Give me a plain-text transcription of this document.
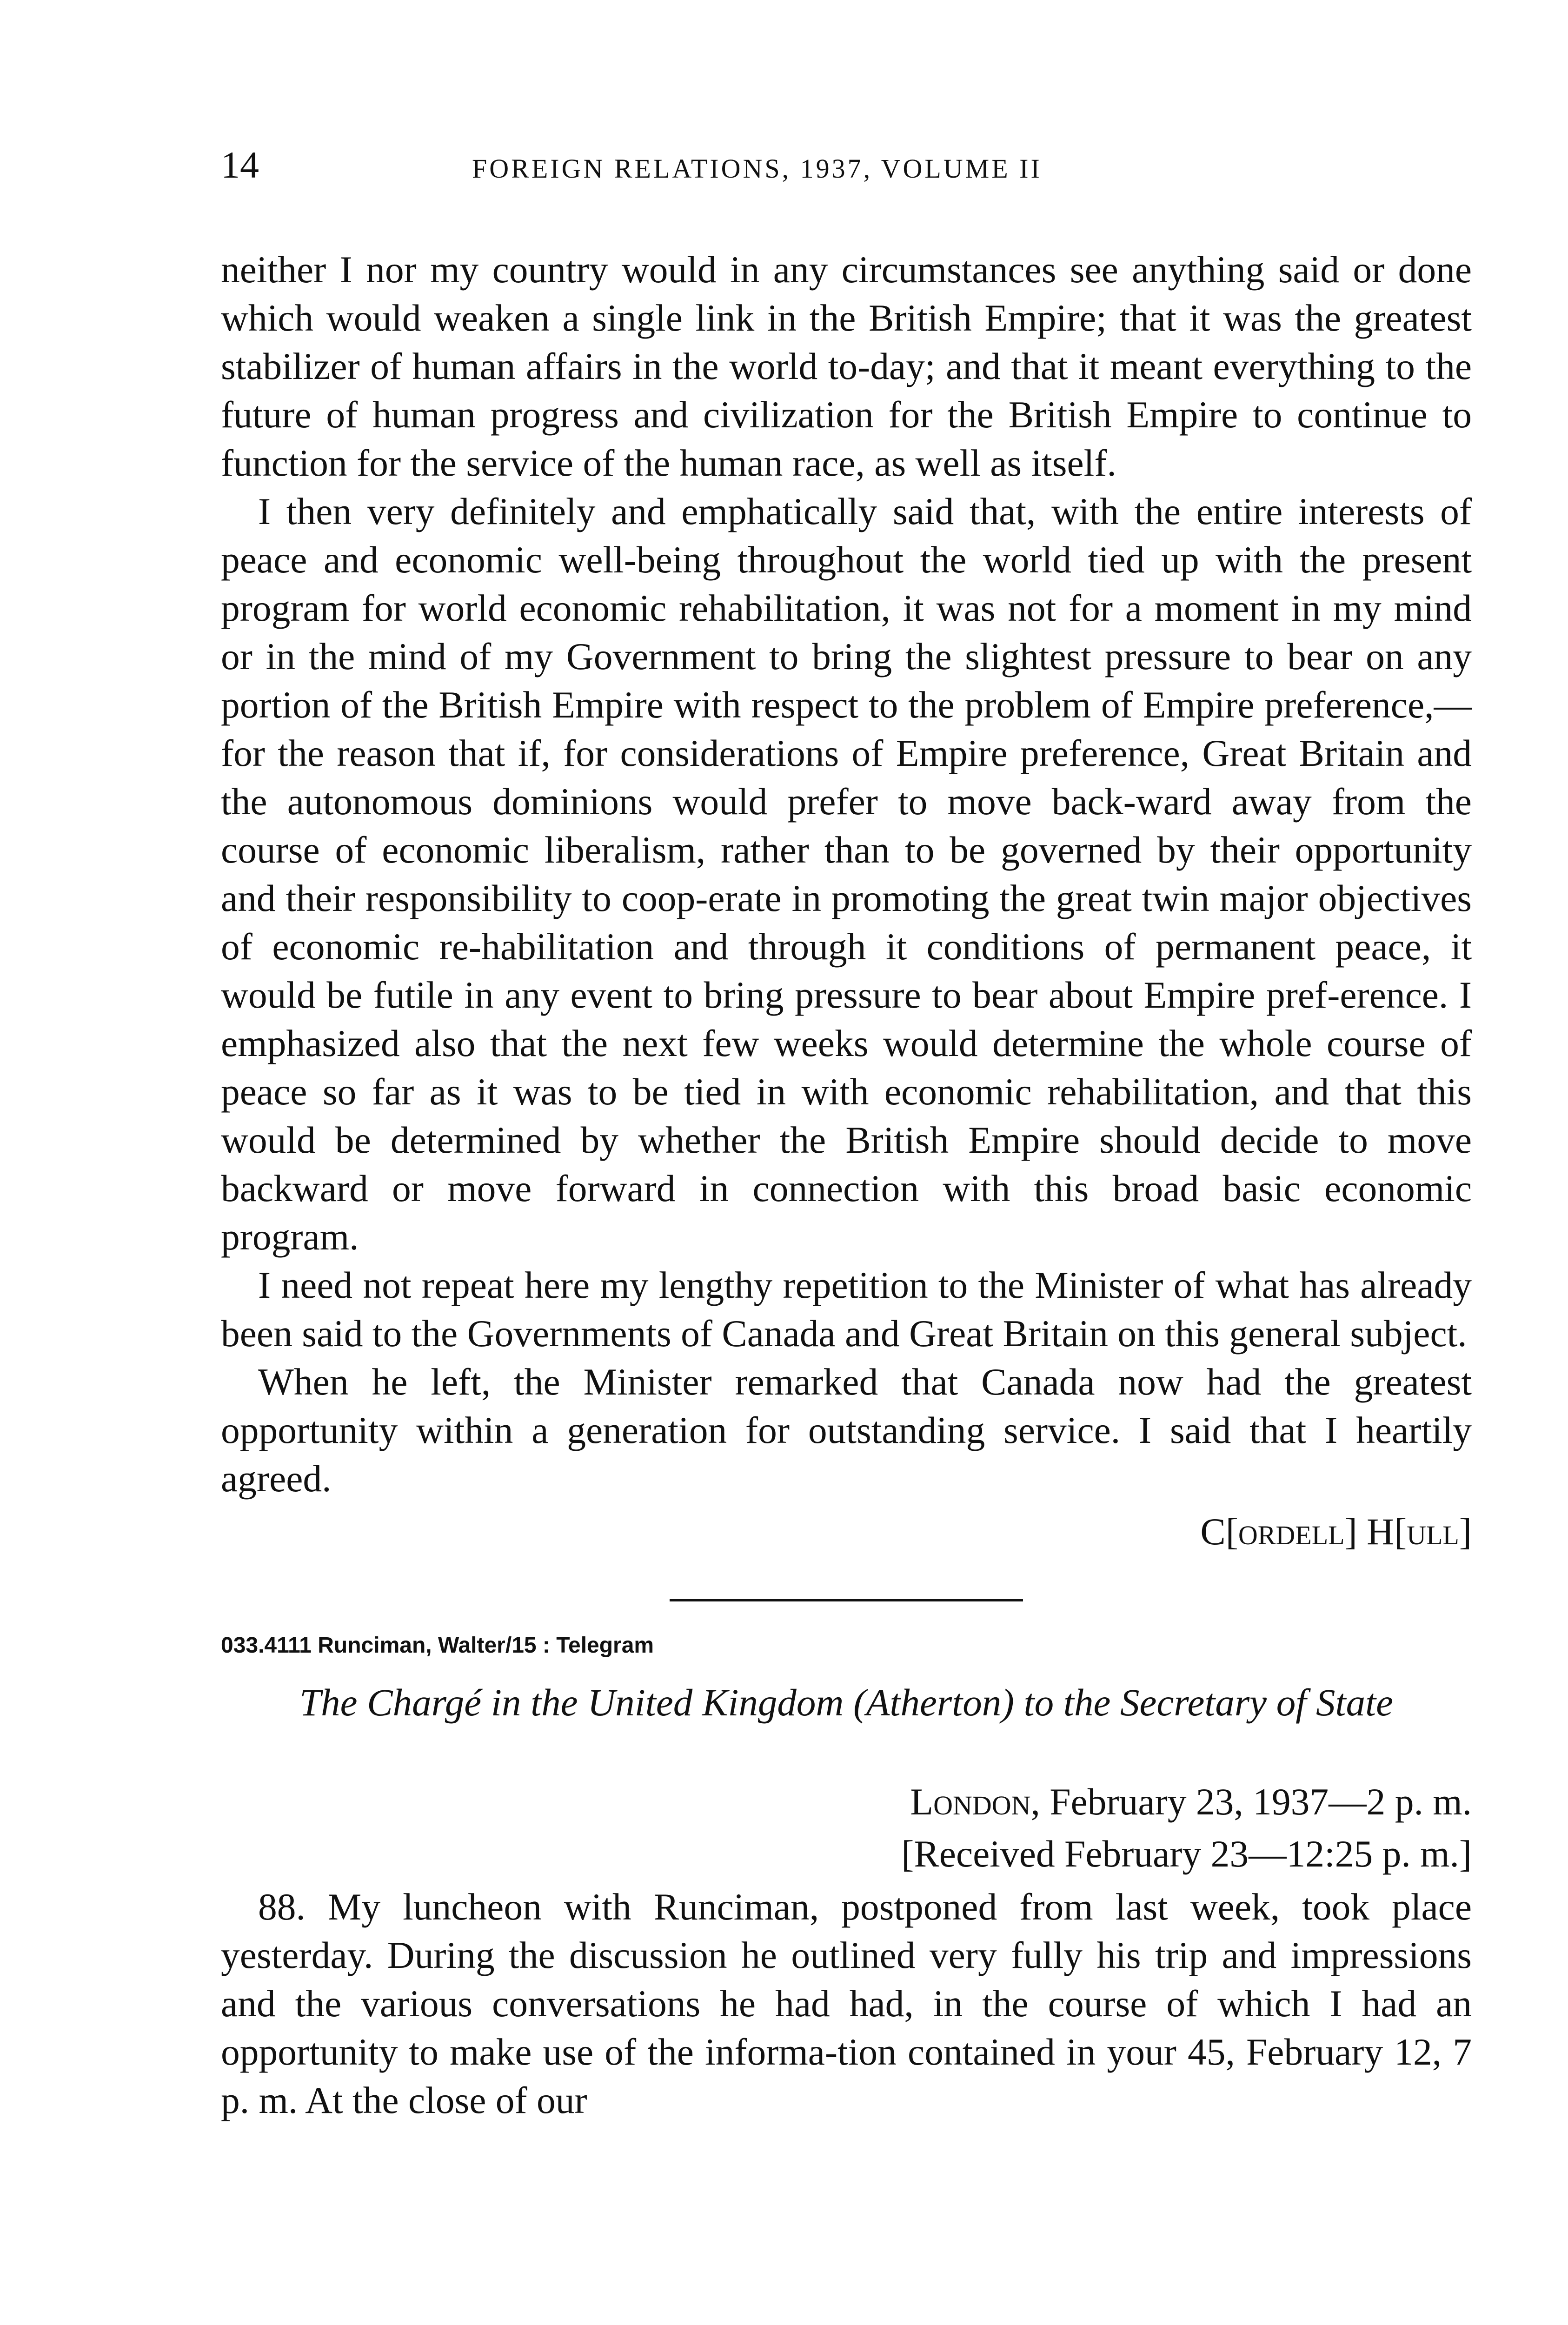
14	FOREIGN RELATIONS, 1937, VOLUME II

neither I nor my country would in any circumstances see anything said or done which would weaken a single link in the British Empire; that it was the greatest stabilizer of human affairs in the world to-day; and that it meant everything to the future of human progress and civilization for the British Empire to continue to function for the service of the human race, as well as itself.

I then very definitely and emphatically said that, with the entire interests of peace and economic well-being throughout the world tied up with the present program for world economic rehabilitation, it was not for a moment in my mind or in the mind of my Government to bring the slightest pressure to bear on any portion of the British Empire with respect to the problem of Empire preference,—for the reason that if, for considerations of Empire preference, Great Britain and the autonomous dominions would prefer to move back-ward away from the course of economic liberalism, rather than to be governed by their opportunity and their responsibility to coop-erate in promoting the great twin major objectives of economic re-habilitation and through it conditions of permanent peace, it would be futile in any event to bring pressure to bear about Empire pref-erence. I emphasized also that the next few weeks would determine the whole course of peace so far as it was to be tied in with economic rehabilitation, and that this would be determined by whether the British Empire should decide to move backward or move forward in connection with this broad basic economic program.

I need not repeat here my lengthy repetition to the Minister of what has already been said to the Governments of Canada and Great Britain on this general subject.

When he left, the Minister remarked that Canada now had the greatest opportunity within a generation for outstanding service. I said that I heartily agreed.

C[ORDELL] H[ULL]
033.4111 Runciman, Walter/15 : Telegram
The Chargé in the United Kingdom (Atherton) to the Secretary of State
LONDON, February 23, 1937—2 p. m.
[Received February 23—12:25 p. m.]

88. My luncheon with Runciman, postponed from last week, took place yesterday. During the discussion he outlined very fully his trip and impressions and the various conversations he had had, in the course of which I had an opportunity to make use of the informa-tion contained in your 45, February 12, 7 p. m. At the close of our
